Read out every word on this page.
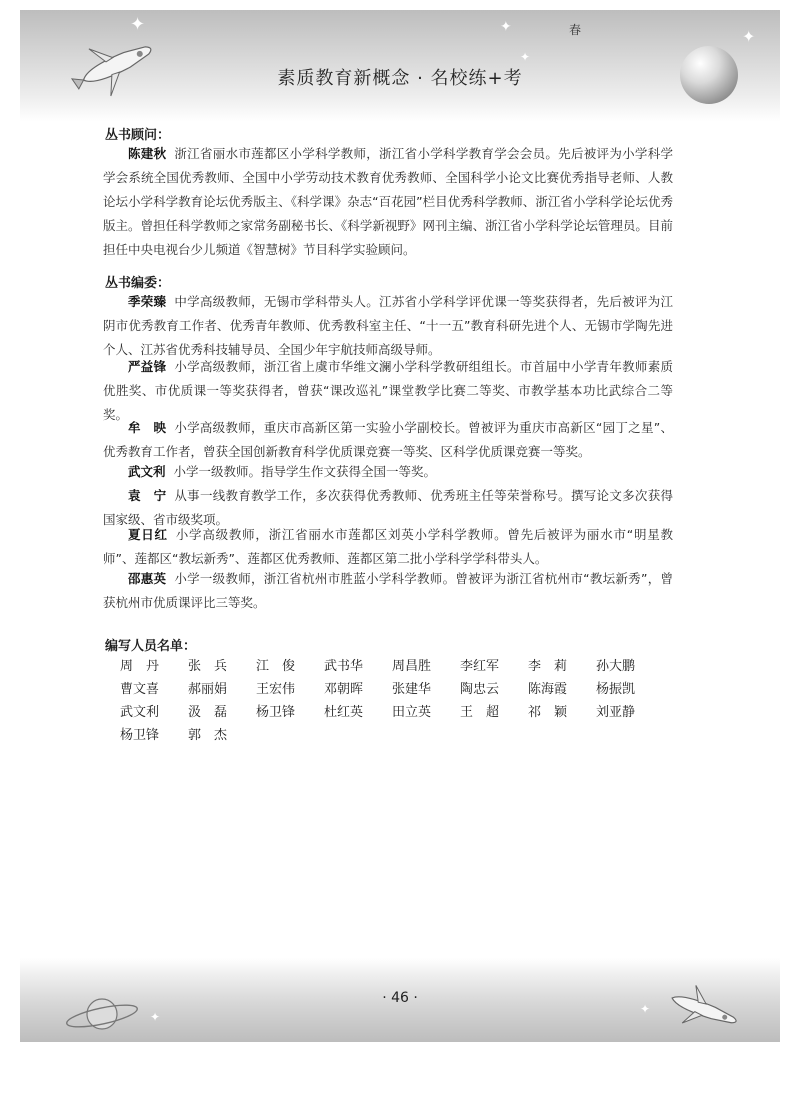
✦	✦	✦
✦
春
素质教育新概念 · 名校练+考
丛书顾问：
陈建秋 浙江省丽水市莲都区小学科学教师，浙江省小学科学教育学会会员。先后被评为小学科学学会系统全国优秀教师、全国中小学劳动技术教育优秀教师、全国科学小论文比赛优秀指导老师、人教论坛小学科学教育论坛优秀版主、《科学课》杂志“百花园”栏目优秀科学教师、浙江省小学科学论坛优秀版主。曾担任科学教师之家常务副秘书长、《科学新视野》网刊主编、浙江省小学科学论坛管理员。目前担任中央电视台少儿频道《智慧树》节目科学实验顾问。
丛书编委：
季荣臻 中学高级教师，无锡市学科带头人。江苏省小学科学评优课一等奖获得者，先后被评为江阴市优秀教育工作者、优秀青年教师、优秀教科室主任、“十一五”教育科研先进个人、无锡市学陶先进个人、江苏省优秀科技辅导员、全国少年宇航技师高级导师。
严益锋 小学高级教师，浙江省上虞市华维文澜小学科学教研组组长。市首届中小学青年教师素质优胜奖、市优质课一等奖获得者，曾获“课改巡礼”课堂教学比赛二等奖、市教学基本功比武综合二等奖。
牟　映 小学高级教师，重庆市高新区第一实验小学副校长。曾被评为重庆市高新区“园丁之星”、优秀教育工作者，曾获全国创新教育科学优质课竞赛一等奖、区科学优质课竞赛一等奖。
武文利 小学一级教师。指导学生作文获得全国一等奖。
袁　宁 从事一线教育教学工作，多次获得优秀教师、优秀班主任等荣誉称号。撰写论文多次获得国家级、省市级奖项。
夏日红 小学高级教师，浙江省丽水市莲都区刘英小学科学教师。曾先后被评为丽水市“明星教师”、莲都区“教坛新秀”、莲都区优秀教师、莲都区第二批小学科学学科带头人。
邵惠英 小学一级教师，浙江省杭州市胜蓝小学科学教师。曾被评为浙江省杭州市“教坛新秀”，曾获杭州市优质课评比三等奖。
编写人员名单：
周　丹	张　兵	江　俊	武书华	周昌胜	李红军	李　莉	孙大鹏
曹文喜	郝丽娟	王宏伟	邓朝晖	张建华	陶忠云	陈海霞	杨振凯
武文利	汲　磊	杨卫锋	杜红英	田立英	王　超	祁　颖	刘亚静
杨卫锋	郭　杰
✦
✦
· 46 ·
